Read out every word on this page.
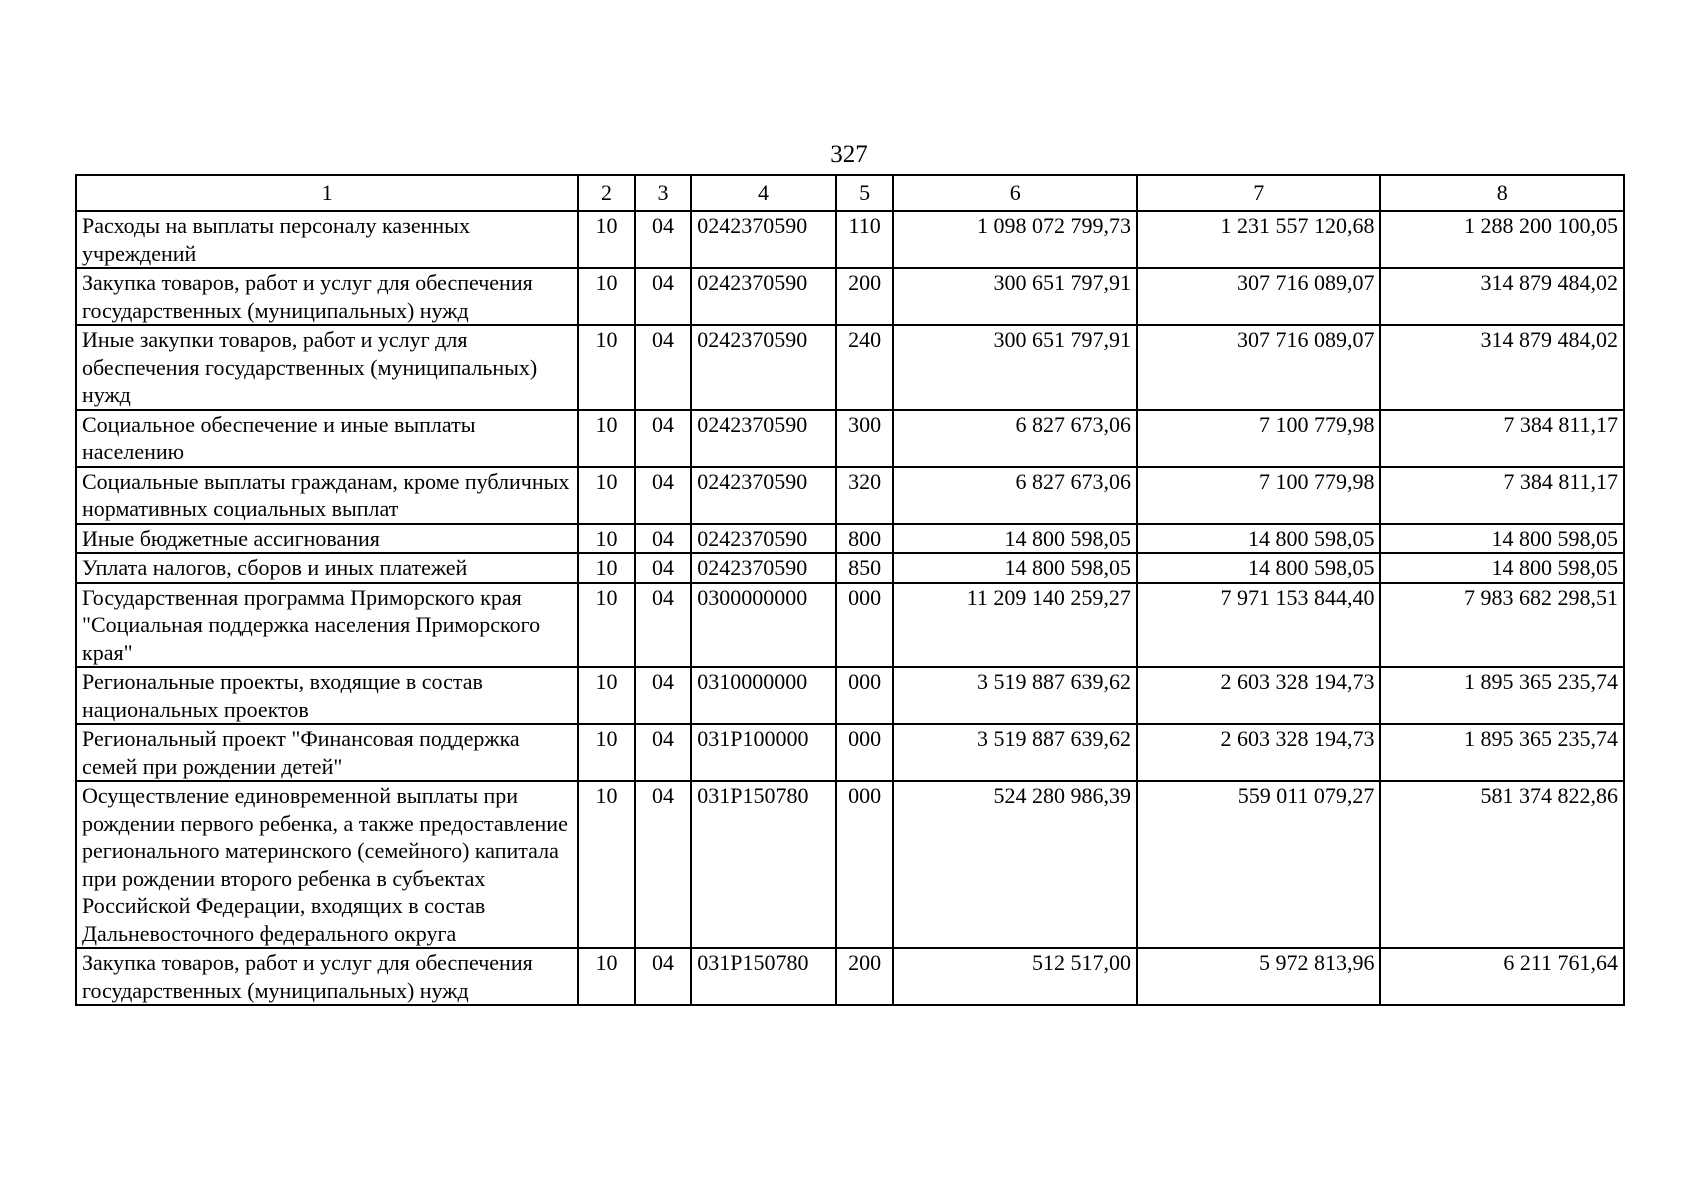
327
1	2	3	4	5	6	7	8
Расходы на выплаты персоналу казенных учреждений	10	04	0242370590	110	1 098 072 799,73	1 231 557 120,68	1 288 200 100,05
Закупка товаров, работ и услуг для обеспечения государственных (муниципальных) нужд	10	04	0242370590	200	300 651 797,91	307 716 089,07	314 879 484,02
Иные закупки товаров, работ и услуг для обеспечения государственных (муниципальных) нужд	10	04	0242370590	240	300 651 797,91	307 716 089,07	314 879 484,02
Социальное обеспечение и иные выплаты населению	10	04	0242370590	300	6 827 673,06	7 100 779,98	7 384 811,17
Социальные выплаты гражданам, кроме публичных нормативных социальных выплат	10	04	0242370590	320	6 827 673,06	7 100 779,98	7 384 811,17
Иные бюджетные ассигнования	10	04	0242370590	800	14 800 598,05	14 800 598,05	14 800 598,05
Уплата налогов, сборов и иных платежей	10	04	0242370590	850	14 800 598,05	14 800 598,05	14 800 598,05
Государственная программа Приморского края "Социальная поддержка населения Приморского края"	10	04	0300000000	000	11 209 140 259,27	7 971 153 844,40	7 983 682 298,51
Региональные проекты, входящие в состав национальных проектов	10	04	0310000000	000	3 519 887 639,62	2 603 328 194,73	1 895 365 235,74
Региональный проект "Финансовая поддержка семей при рождении детей"	10	04	031P100000	000	3 519 887 639,62	2 603 328 194,73	1 895 365 235,74
Осуществление единовременной выплаты при рождении первого ребенка, а также предоставление регионального материнского (семейного) капитала при рождении второго ребенка в субъектах Российской Федерации, входящих в состав Дальневосточного федерального округа	10	04	031P150780	000	524 280 986,39	559 011 079,27	581 374 822,86
Закупка товаров, работ и услуг для обеспечения государственных (муниципальных) нужд	10	04	031P150780	200	512 517,00	5 972 813,96	6 211 761,64
